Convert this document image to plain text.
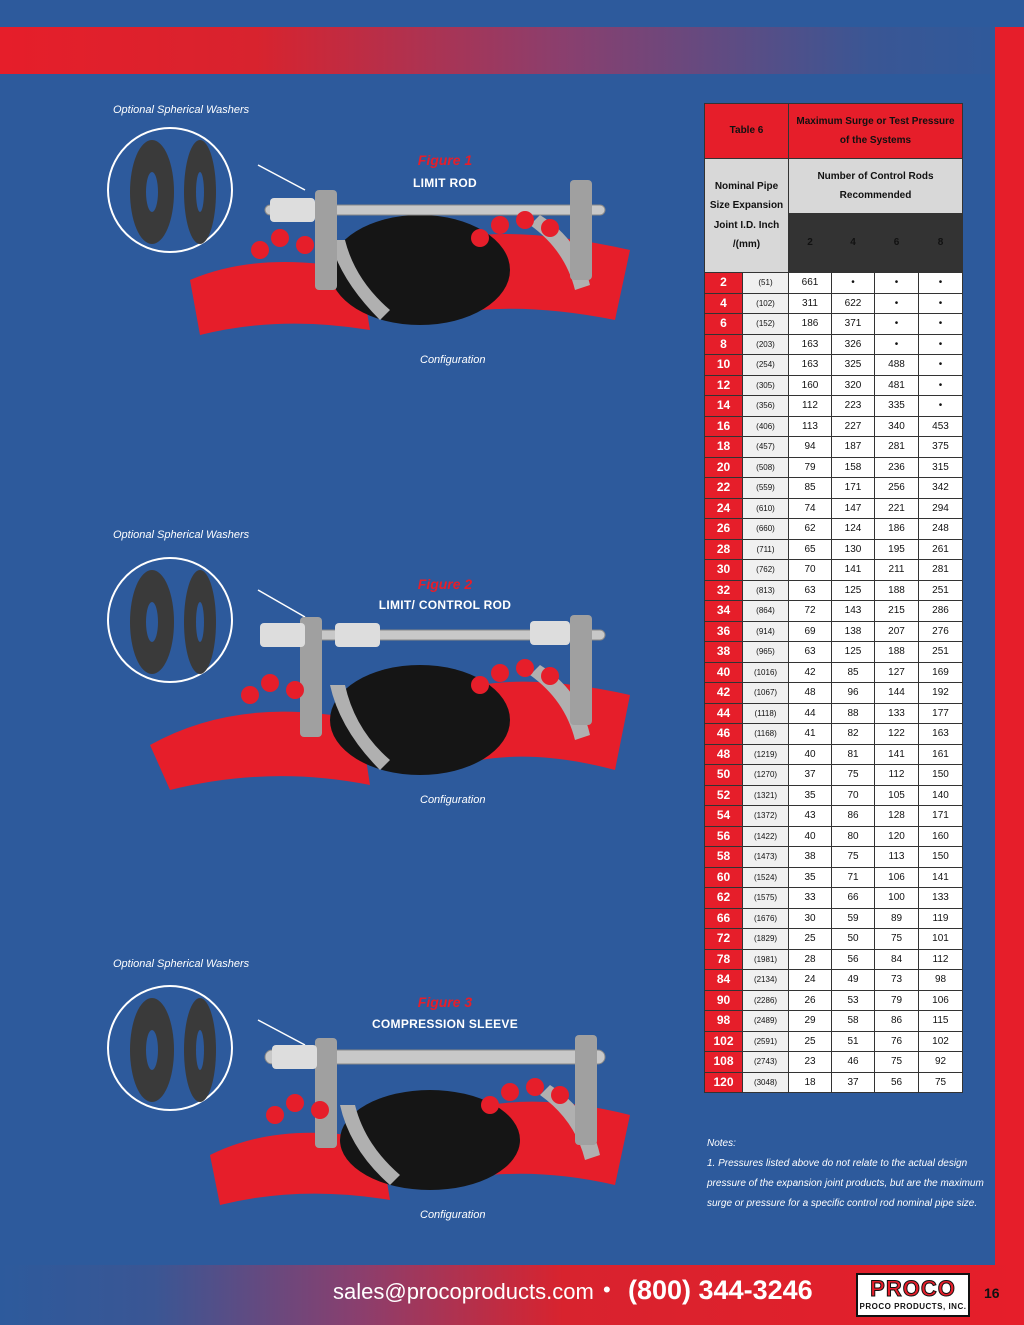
Optional Spherical Washers
Figure 1
LIMIT ROD
Configuration
Optional Spherical Washers
Figure 2
LIMIT/ CONTROL ROD
Configuration
Optional Spherical Washers
Figure 3
COMPRESSION SLEEVE
Configuration
Table 6		Maximum Surge or Test Pressure of the Systems			
Nominal Pipe Size Expansion Joint I.D. Inch /(mm)		Number of Control Rods Recommended			
		2	4	6	8
2	(51)	661	•	•	•
4	(102)	311	622	•	•
6	(152)	186	371	•	•
8	(203)	163	326	•	•
10	(254)	163	325	488	•
12	(305)	160	320	481	•
14	(356)	112	223	335	•
16	(406)	113	227	340	453
18	(457)	94	187	281	375
20	(508)	79	158	236	315
22	(559)	85	171	256	342
24	(610)	74	147	221	294
26	(660)	62	124	186	248
28	(711)	65	130	195	261
30	(762)	70	141	211	281
32	(813)	63	125	188	251
34	(864)	72	143	215	286
36	(914)	69	138	207	276
38	(965)	63	125	188	251
40	(1016)	42	85	127	169
42	(1067)	48	96	144	192
44	(1118)	44	88	133	177
46	(1168)	41	82	122	163
48	(1219)	40	81	141	161
50	(1270)	37	75	112	150
52	(1321)	35	70	105	140
54	(1372)	43	86	128	171
56	(1422)	40	80	120	160
58	(1473)	38	75	113	150
60	(1524)	35	71	106	141
62	(1575)	33	66	100	133
66	(1676)	30	59	89	119
72	(1829)	25	50	75	101
78	(1981)	28	56	84	112
84	(2134)	24	49	73	98
90	(2286)	26	53	79	106
98	(2489)	29	58	86	115
102	(2591)	25	51	76	102
108	(2743)	23	46	75	92
120	(3048)	18	37	56	75
Notes:
1. Pressures listed above do not relate to the actual design pressure of the expansion joint products, but are the maximum surge or pressure for a specific control rod nominal pipe size.
sales@procoproducts.com • (800) 344-3246	PROCO
PROCO PRODUCTS, INC.
16
